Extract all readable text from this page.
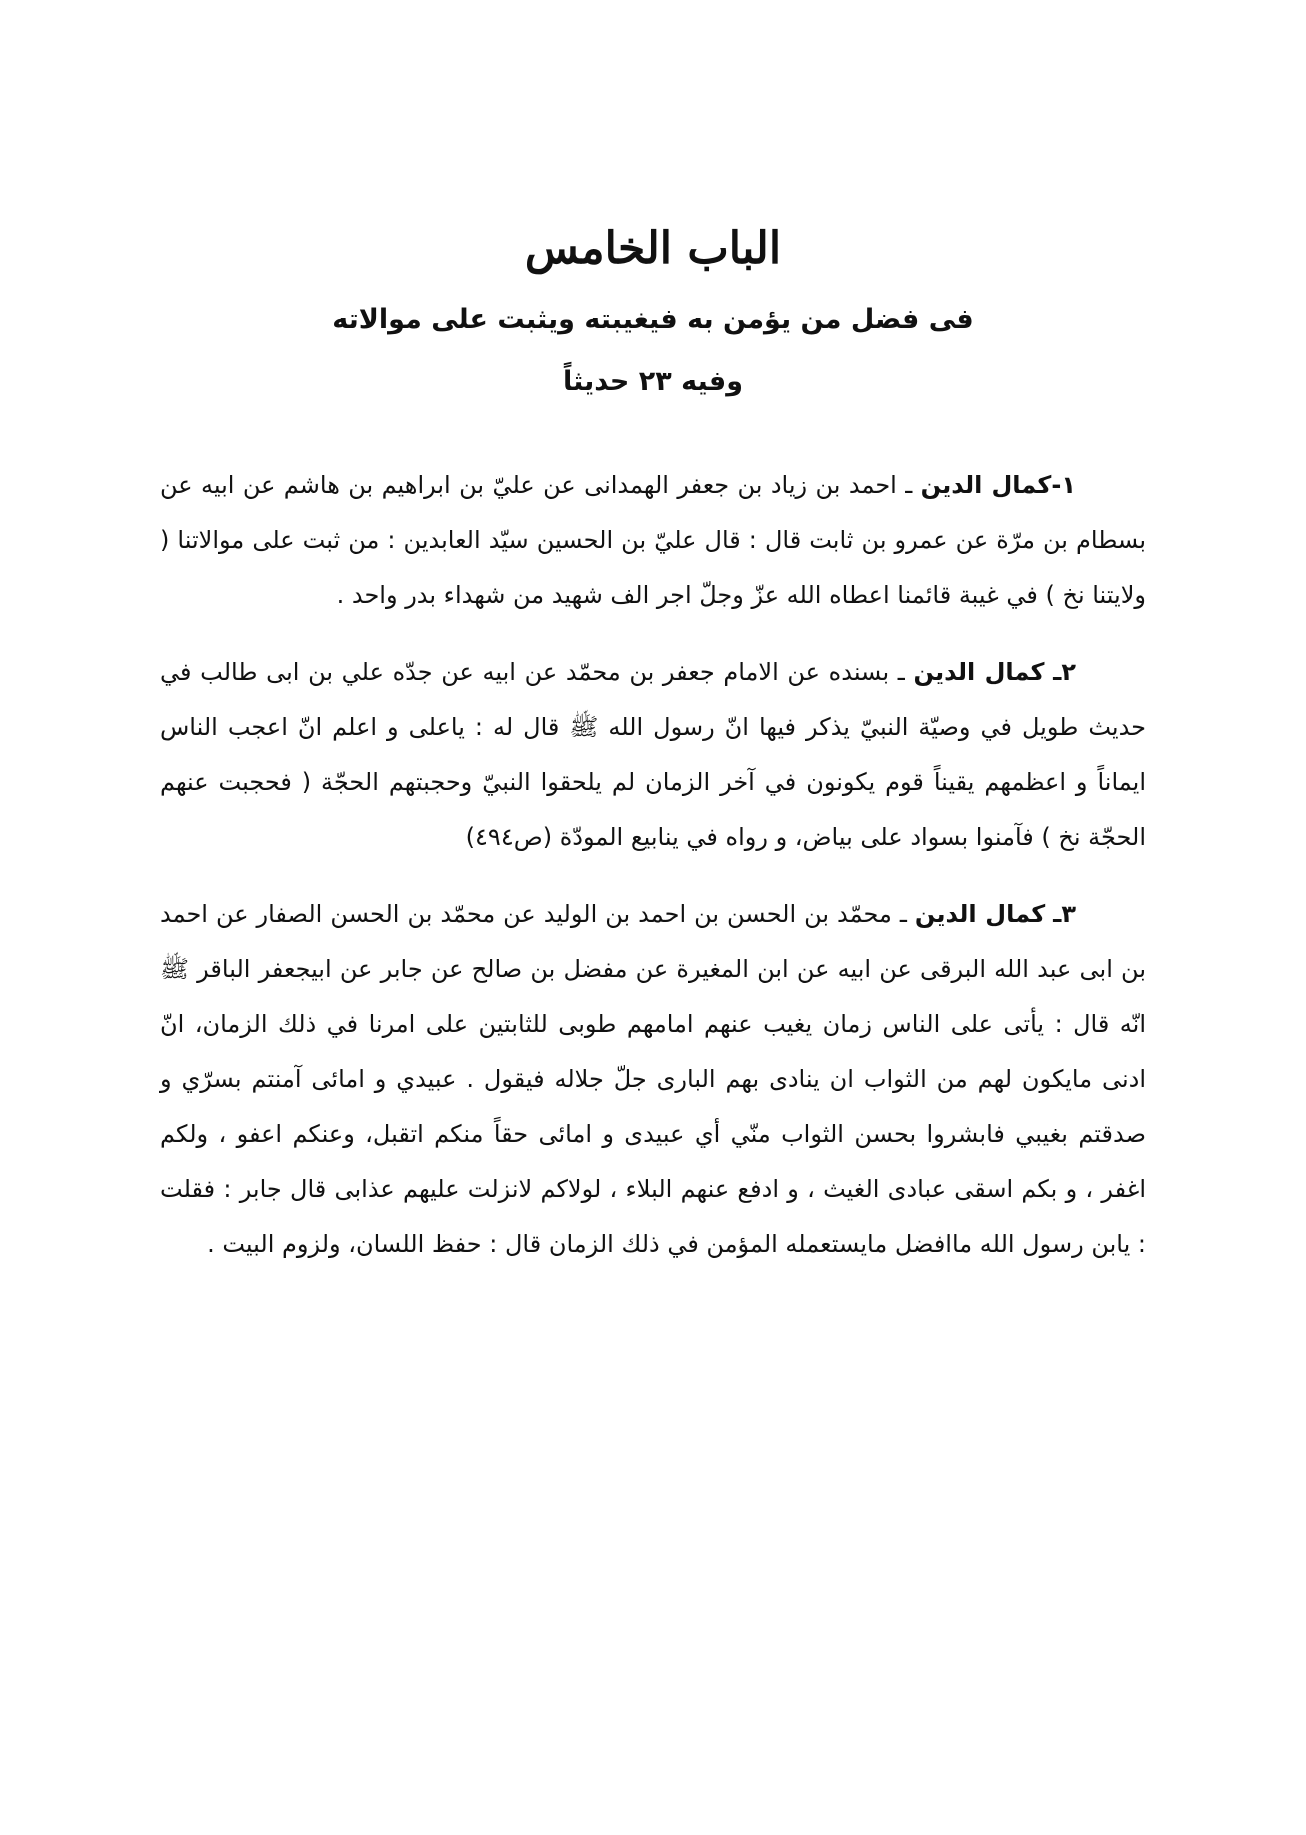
الباب الخامس
فى فضل من يؤمن به فيغيبته ويثبت على موالاته
وفيه ٢٣ حديثاً

١-كمال الدين ـ احمد بن زياد بن جعفر الهمدانى عن عليّ بن ابراهيم بن هاشم عن ابيه عن بسطام بن مرّة عن عمرو بن ثابت قال : قال عليّ بن الحسين سيّد العابدين : من ثبت على موالاتنا ( ولايتنا نخ ) في غيبة قائمنا اعطاه الله عزّ وجلّ اجر الف شهيد من شهداء بدر واحد .

٢ـ كمال الدين ـ بسنده عن الامام جعفر بن محمّد عن ابيه عن جدّه علي بن ابى طالب في حديث طويل في وصيّة النبيّ يذكر فيها انّ رسول الله ﷺ قال له : ياعلى و اعلم انّ اعجب الناس ايماناً و اعظمهم يقيناً قوم يكونون في آخر الزمان لم يلحقوا النبيّ وحجبتهم الحجّة ( فحجبت عنهم الحجّة نخ ) فآمنوا بسواد على بياض، و رواه في ينابيع المودّة (ص٤٩٤)

٣ـ كمال الدين ـ محمّد بن الحسن بن احمد بن الوليد عن محمّد بن الحسن الصفار عن احمد بن ابى عبد الله البرقى عن ابيه عن ابن المغيرة عن مفضل بن صالح عن جابر عن ابيجعفر الباقر ﷺ انّه قال : يأتى على الناس زمان يغيب عنهم امامهم طوبى للثابتين على امرنا في ذلك الزمان، انّ ادنى مايكون لهم من الثواب ان ينادى بهم البارى جلّ جلاله فيقول . عبيدي و امائى آمنتم بسرّي و صدقتم بغيبي فابشروا بحسن الثواب منّي أي عبيدى و امائى حقاً منكم اتقبل، وعنكم اعفو ، ولكم اغفر ، و بكم اسقى عبادى الغيث ، و ادفع عنهم البلاء ، لولاكم لانزلت عليهم عذابى قال جابر : فقلت : يابن رسول الله ماافضل مايستعمله المؤمن في ذلك الزمان قال : حفظ اللسان، ولزوم البيت .
